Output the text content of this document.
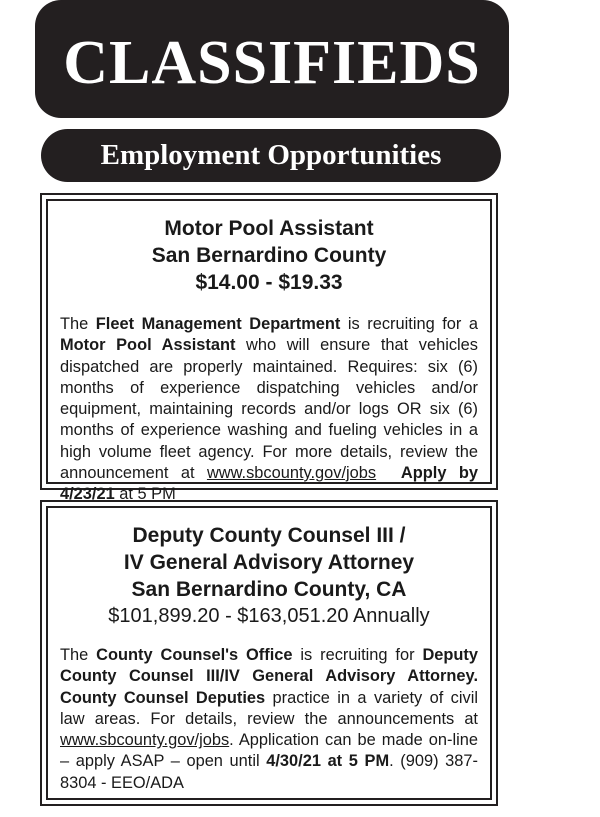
CLASSIFIEDS
Employment Opportunities

Motor Pool Assistant

San Bernardino County

$14.00 - $19.33

The Fleet Management Department is recruiting for a Motor Pool Assistant who will ensure that vehicles dispatched are properly maintained. Requires: six (6) months of experience dispatching vehicles and/or equipment, maintaining records and/or logs OR six (6) months of experience washing and fueling vehicles in a high volume fleet agency. For more details, review the announcement at www.sbcounty.gov/jobs Apply by 4/23/21 at 5 PM

Deputy County Counsel III /

IV General Advisory Attorney

San Bernardino County, CA

$101,899.20 - $163,051.20 Annually

The County Counsel's Office is recruiting for Deputy County Counsel III/IV General Advisory Attorney. County Counsel Deputies practice in a variety of civil law areas. For details, review the announcements at www.sbcounty.gov/jobs. Application can be made on-line – apply ASAP – open until 4/30/21 at 5 PM. (909) 387-8304 - EEO/ADA
